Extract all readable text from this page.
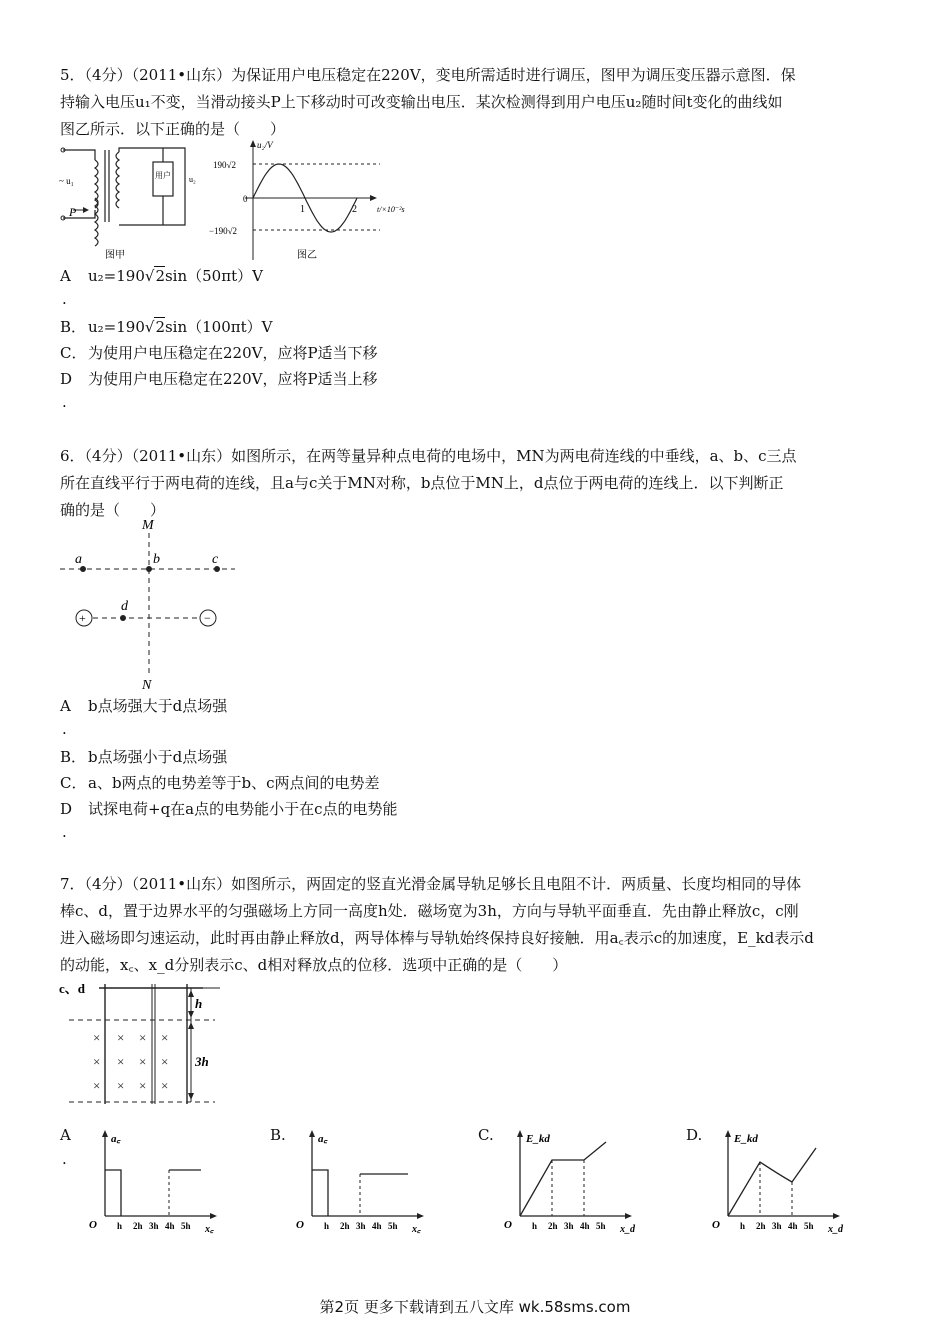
5．（4分）（2011•山东）为保证用户电压稳定在220V，变电所需适时进行调压，图甲为调压变压器示意图．保

持输入电压u₁不变，当滑动接头P上下移动时可改变输出电压．某次检测得到用户电压u₂随时间t变化的曲线如

图乙所示．以下正确的是（　　）

~ u₁
P
用户 u₂
图甲
u₂/V
190√2
0
−190√2
1	2	t/×10⁻²s
图乙
A u₂=190√2sin（50πt）V
.
B． u₂=190√2sin（100πt）V
C． 为使用户电压稳定在220V，应将P适当下移
D 为使用户电压稳定在220V，应将P适当上移
.

6．（4分）（2011•山东）如图所示，在两等量异种点电荷的电场中，MN为两电荷连线的中垂线，a、b、c三点

所在直线平行于两电荷的连线，且a与c关于MN对称，b点位于MN上，d点位于两电荷的连线上．以下判断正

确的是（　　）

+	−
M
N
a	b	c
d
A b点场强大于d点场强
.
B． b点场强小于d点场强
C． a、b两点的电势差等于b、c两点间的电势差
D 试探电荷+q在a点的电势能小于在c点的电势能
.

7．（4分）（2011•山东）如图所示，两固定的竖直光滑金属导轨足够长且电阻不计．两质量、长度均相同的导体

棒c、d，置于边界水平的匀强磁场上方同一高度h处．磁场宽为3h，方向与导轨平面垂直．先由静止释放c，c刚

进入磁场即匀速运动，此时再由静止释放d，两导体棒与导轨始终保持良好接触．用a꜀表示c的加速度，E_kd表示d

的动能，x꜀、x_d分别表示c、d相对释放点的位移．选项中正确的是（　　）

× × × ×
× × × ×
× × × ×
c、d
h
3h
A
.
B.	C.	D.
a꜀
x꜀
O h 2h 3h 4h 5h
a꜀
x꜀
O h 2h 3h 4h 5h
E_kd
x_d
O h 2h 3h 4h 5h
E_kd
x_d
O h 2h 3h 4h 5h
第2页 更多下载请到五八文库 wk.58sms.com
